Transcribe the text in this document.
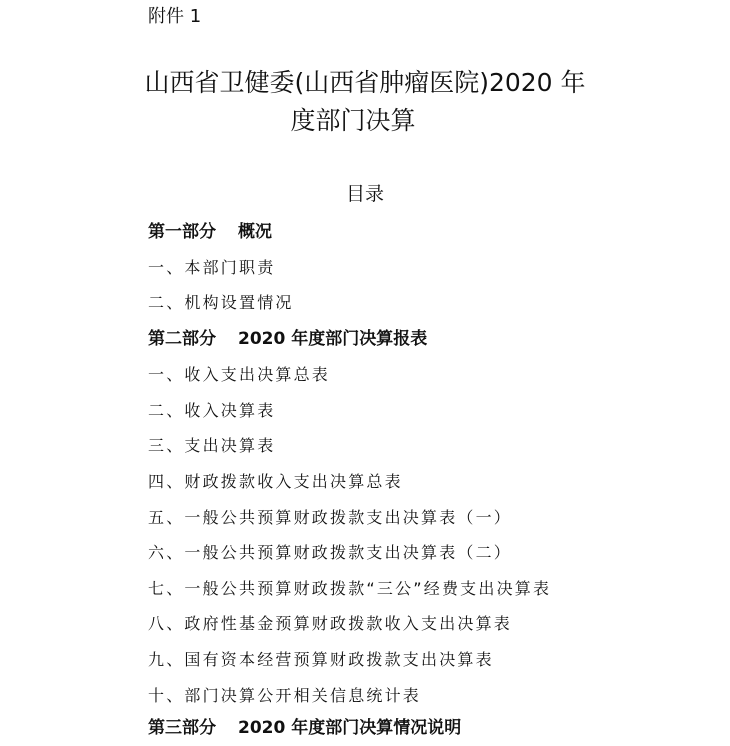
附件 1
山西省卫健委(山西省肿瘤医院)2020 年
度部门决算
目录
第一部分 概况
一、本部门职责
二、机构设置情况
第二部分 2020 年度部门决算报表
一、收入支出决算总表
二、收入决算表
三、支出决算表
四、财政拨款收入支出决算总表
五、一般公共预算财政拨款支出决算表（一）
六、一般公共预算财政拨款支出决算表（二）
七、一般公共预算财政拨款“三公”经费支出决算表
八、政府性基金预算财政拨款收入支出决算表
九、国有资本经营预算财政拨款支出决算表
十、部门决算公开相关信息统计表
第三部分 2020 年度部门决算情况说明
